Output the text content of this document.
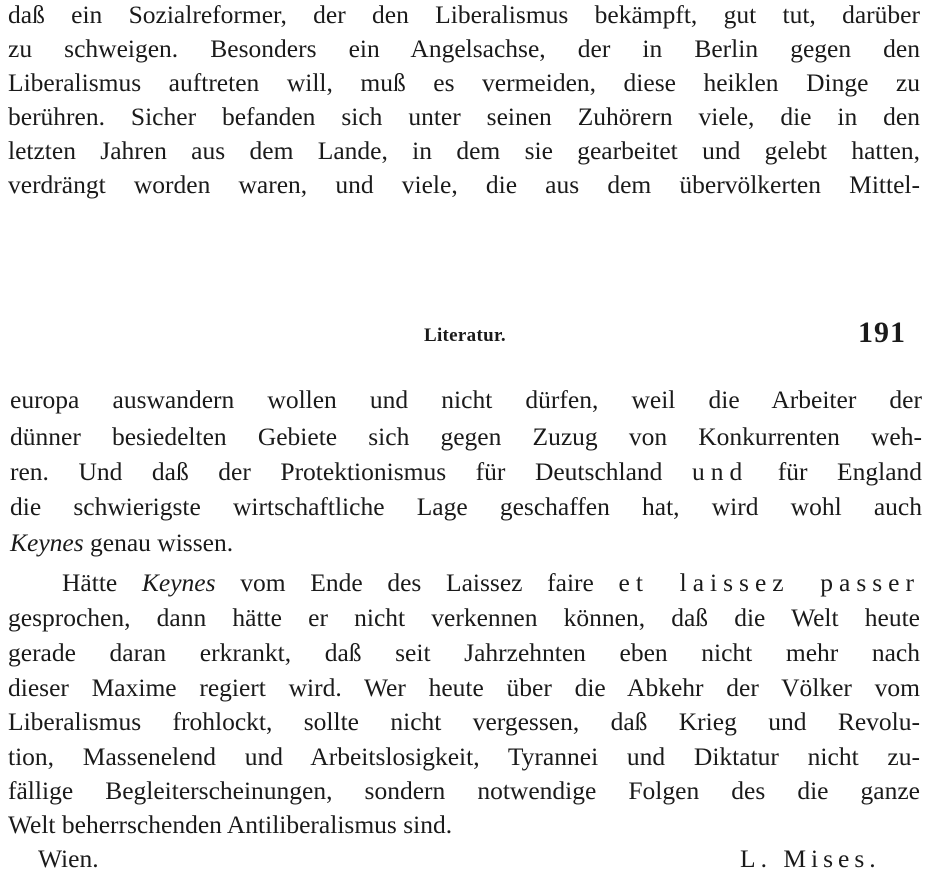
daß ein Sozialreformer, der den Liberalismus bekämpft, gut tut, darüber
zu schweigen. Besonders ein Angelsachse, der in Berlin gegen den
Liberalismus auftreten will, muß es vermeiden, diese heiklen Dinge zu
berühren. Sicher befanden sich unter seinen Zuhörern viele, die in den
letzten Jahren aus dem Lande, in dem sie gearbeitet und gelebt hatten,
verdrängt worden waren, und viele, die aus dem übervölkerten Mittel-
Literatur.	191
europa auswandern wollen und nicht dürfen, weil die Arbeiter der
dünner besiedelten Gebiete sich gegen Zuzug von Konkurrenten weh-
ren. Und daß der Protektionismus für Deutschland und für England
die schwierigste wirtschaftliche Lage geschaffen hat, wird wohl auch
Keynes genau wissen.
Hätte Keynes vom Ende des Laissez faire et laissez passer
gesprochen, dann hätte er nicht verkennen können, daß die Welt heute
gerade daran erkrankt, daß seit Jahrzehnten eben nicht mehr nach
dieser Maxime regiert wird. Wer heute über die Abkehr der Völker vom
Liberalismus frohlockt, sollte nicht vergessen, daß Krieg und Revolu-
tion, Massenelend und Arbeitslosigkeit, Tyrannei und Diktatur nicht zu-
fällige Begleiterscheinungen, sondern notwendige Folgen des die ganze
Welt beherrschenden Antiliberalismus sind.
Wien.	L. Mises.
